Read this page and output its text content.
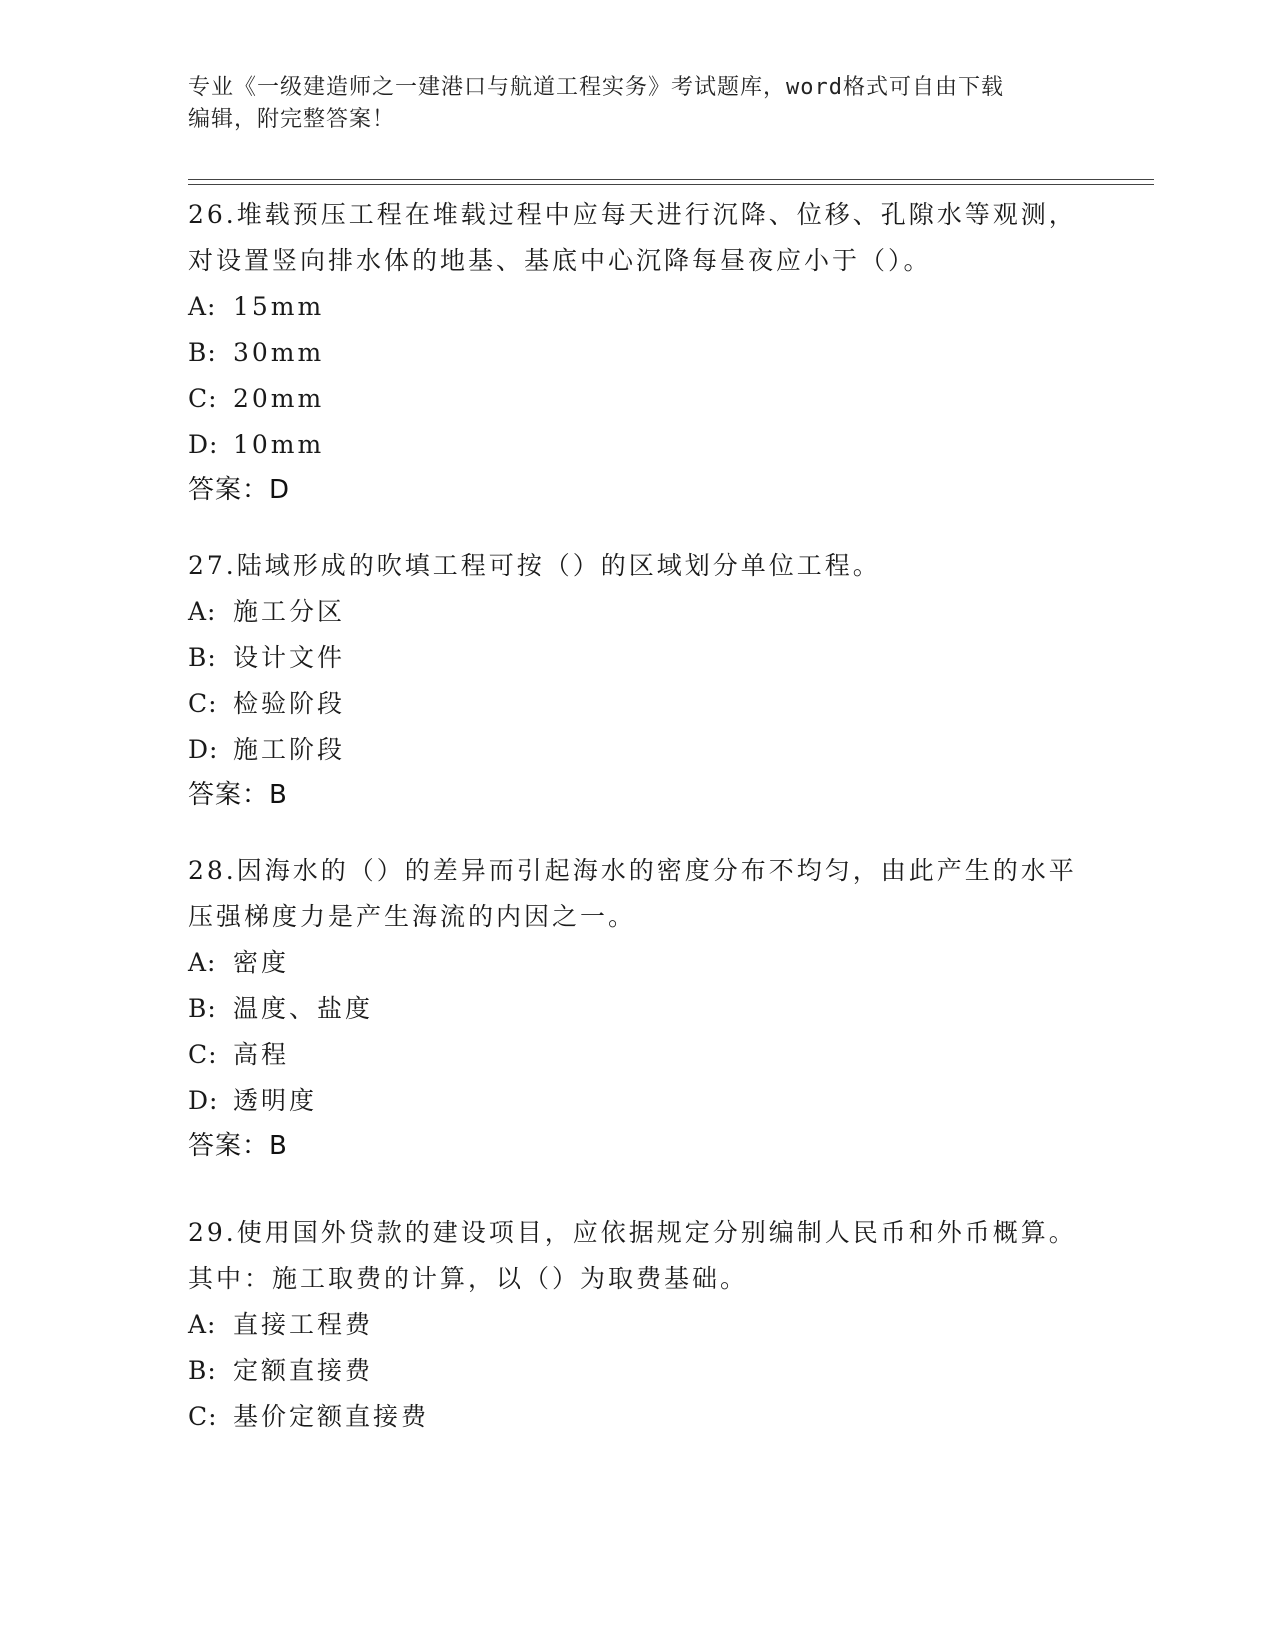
专业《一级建造师之一建港口与航道工程实务》考试题库，word格式可自由下载
编辑，附完整答案！

26.堆载预压工程在堆载过程中应每天进行沉降、位移、孔隙水等观测，对设置竖向排水体的地基、基底中心沉降每昼夜应小于（）。

A: 15mm
B: 30mm
C: 20mm
D: 10mm

答案：D

27.陆域形成的吹填工程可按（）的区域划分单位工程。

A: 施工分区
B: 设计文件
C: 检验阶段
D: 施工阶段

答案：B

28.因海水的（）的差异而引起海水的密度分布不均匀，由此产生的水平压强梯度力是产生海流的内因之一。

A: 密度
B: 温度、盐度
C: 高程
D: 透明度

答案：B

29.使用国外贷款的建设项目，应依据规定分别编制人民币和外币概算。其中：施工取费的计算，以（）为取费基础。

A: 直接工程费
B: 定额直接费
C: 基价定额直接费
